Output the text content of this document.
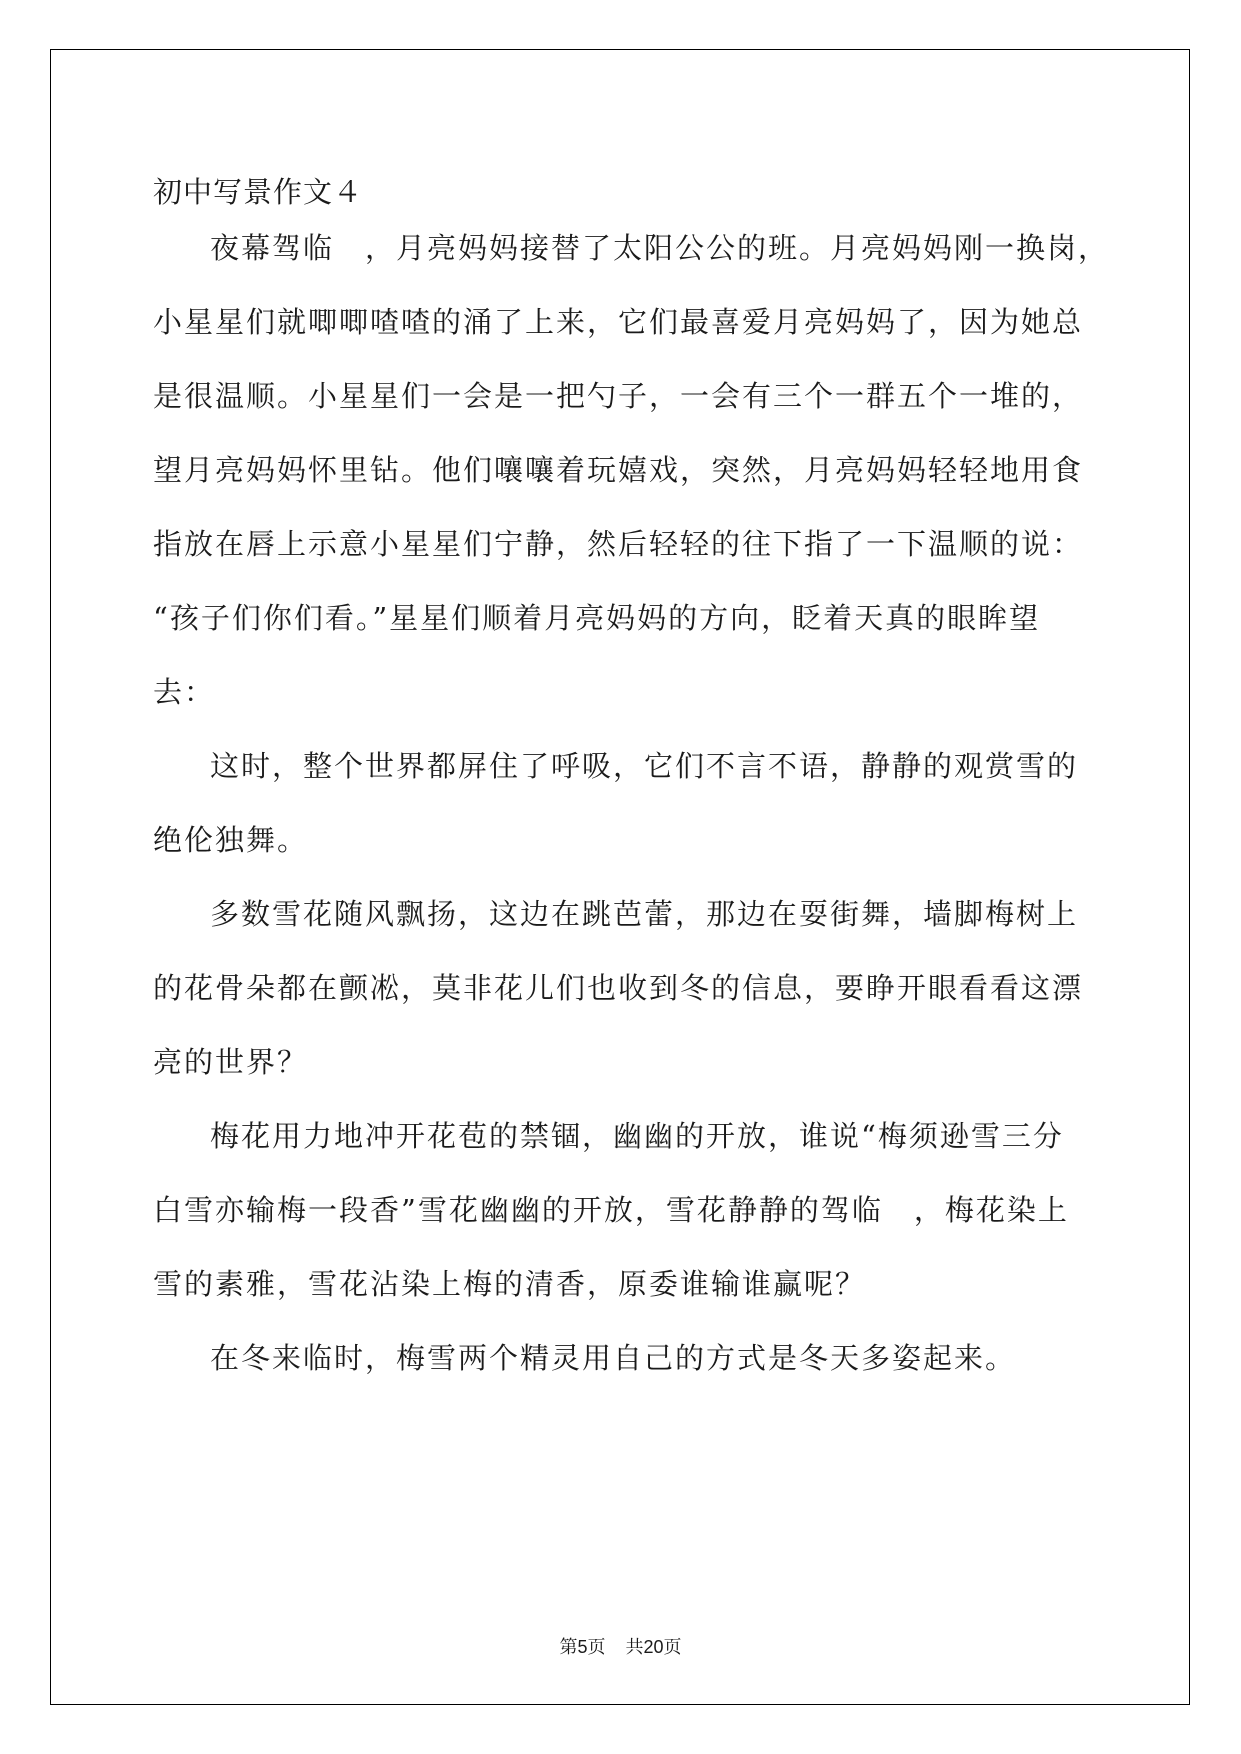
初中写景作文４
夜幕驾临　，月亮妈妈接替了太阳公公的班。月亮妈妈刚一换岗，
小星星们就唧唧喳喳的涌了上来，它们最喜爱月亮妈妈了，因为她总
是很温顺。小星星们一会是一把勺子，一会有三个一群五个一堆的，
望月亮妈妈怀里钻。他们嚷嚷着玩嬉戏，突然，月亮妈妈轻轻地用食
指放在唇上示意小星星们宁静，然后轻轻的往下指了一下温顺的说：
“孩子们你们看。”星星们顺着月亮妈妈的方向，眨着天真的眼眸望
去：
这时，整个世界都屏住了呼吸，它们不言不语，静静的观赏雪的
绝伦独舞。
多数雪花随风飘扬，这边在跳芭蕾，那边在耍街舞，墙脚梅树上
的花骨朵都在颤凇，莫非花儿们也收到冬的信息，要睁开眼看看这漂
亮的世界？
梅花用力地冲开花苞的禁锢，幽幽的开放，谁说“梅须逊雪三分
白雪亦输梅一段香”雪花幽幽的开放，雪花静静的驾临　，梅花染上
雪的素雅，雪花沾染上梅的清香，原委谁输谁赢呢？
在冬来临时，梅雪两个精灵用自己的方式是冬天多姿起来。
第5页 共20页
